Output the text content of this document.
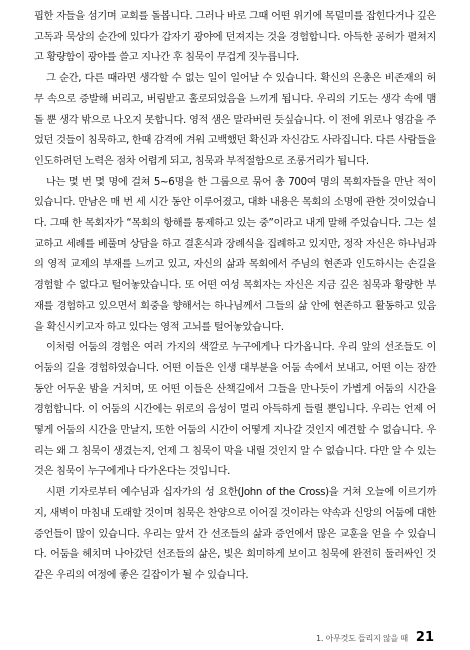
핍한 자들을 섬기며 교회를 돌봅니다. 그러나 바로 그때 어떤 위기에 목덜미를 잡힌다거나 깊은 고독과 묵상의 순간에 있다가 갑자기 광야에 던져지는 것을 경험합니다. 아득한 공허가 펼쳐지고 황량함이 광야를 쓸고 지나간 후 침묵이 무겁게 짓누릅니다.

그 순간, 다른 때라면 생각할 수 없는 일이 일어날 수 있습니다. 확신의 은총은 비존재의 허무 속으로 증발해 버리고, 버림받고 홀로되었음을 느끼게 됩니다. 우리의 기도는 생각 속에 맴돌 뿐 생각 밖으로 나오지 못합니다. 영적 샘은 말라버린 듯싶습니다. 이 전에 위로나 영감을 주었던 것들이 침묵하고, 한때 감격에 겨워 고백했던 확신과 자신감도 사라집니다. 다른 사람들을 인도하려던 노력은 점차 어렵게 되고, 침묵과 부적절함으로 조롱거리가 됩니다.

나는 몇 번 몇 명에 걸쳐 5~6명을 한 그룹으로 묶어 총 700여 명의 목회자들을 만난 적이 있습니다. 만남은 매 번 세 시간 동안 이루어졌고, 대화 내용은 목회의 소명에 관한 것이었습니다. 그때 한 목회자가 “목회의 항해를 통제하고 있는 중”이라고 내게 말해 주었습니다. 그는 설교하고 세례를 베풀며 상담을 하고 결혼식과 장례식을 집례하고 있지만, 정작 자신은 하나님과의 영적 교제의 부재를 느끼고 있고, 자신의 삶과 목회에서 주님의 현존과 인도하시는 손길을 경험할 수 없다고 털어놓았습니다. 또 어떤 여성 목회자는 자신은 지금 깊은 침묵과 황량한 부재를 경험하고 있으면서 회중을 향해서는 하나님께서 그들의 삶 안에 현존하고 활동하고 있음을 확신시키고자 하고 있다는 영적 고뇌를 털어놓았습니다.

이처럼 어둠의 경험은 여러 가지의 색깔로 누구에게나 다가옵니다. 우리 앞의 선조들도 이 어둠의 길을 경험하였습니다. 어떤 이들은 인생 대부분을 어둠 속에서 보내고, 어떤 이는 잠깐 동안 어두운 밤을 거치며, 또 어떤 이들은 산책길에서 그들을 만나듯이 가볍게 어둠의 시간을 경험합니다. 이 어둠의 시간에는 위로의 음성이 멀리 아득하게 들릴 뿐입니다. 우리는 언제 어떻게 어둠의 시간을 만날지, 또한 어둠의 시간이 어떻게 지나갈 것인지 예견할 수 없습니다. 우리는 왜 그 침묵이 생겼는지, 언제 그 침묵이 막을 내릴 것인지 알 수 없습니다. 다만 알 수 있는 것은 침묵이 누구에게나 다가온다는 것입니다.

시편 기자로부터 예수님과 십자가의 성 요한(John of the Cross)을 거쳐 오늘에 이르기까지, 새벽이 마침내 도래할 것이며 침묵은 찬양으로 이어질 것이라는 약속과 신앙의 어둠에 대한 증언들이 많이 있습니다. 우리는 앞서 간 선조들의 삶과 증언에서 많은 교훈을 얻을 수 있습니다. 어둠을 헤치며 나아갔던 선조들의 삶은, 빛은 희미하게 보이고 침묵에 완전히 둘러싸인 것 같은 우리의 여정에 좋은 길잡이가 될 수 있습니다.

1. 아무것도 들리지 않을 때 21
